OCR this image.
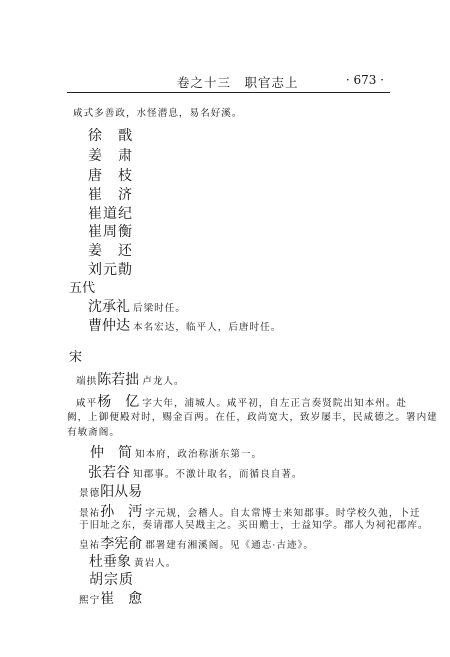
卷之十三　职官志上	· 673 ·
咸式多善政，水怪潜息，易名好溪。
徐　戬
姜　肃
唐　枝
崔　济
崔道纪
崔周衡
姜　还
刘元勣
五代
沈承礼 后梁时任。
曹仲达 本名宏达，临平人，后唐时任。
宋
端拱陈若拙 卢龙人。
咸平杨　亿 字大年，浦城人。咸平初，自左正言奏贤院出知本州。赴
阙，上御便殿对时，赐金百两。在任，政尚宽大，致岁屡丰，民咸德之。署内建
有敏斋阁。
仲　简 知本府，政治称浙东第一。
张若谷 知郡事。不激计取名，而循良自著。
景德阳从易
景祐孙　沔 字元规，会稽人。自太常博士来知郡事。时学校久弛，卜迁
于旧址之东，奏请郡人吴戡主之。买田赡士，士益知学。郡人为祠祀郡库。
皇祐李宪俞 郡署建有湘溪阁。见《通志·古迹》。
杜垂象 黄岩人。
胡宗质
熙宁崔　愈
